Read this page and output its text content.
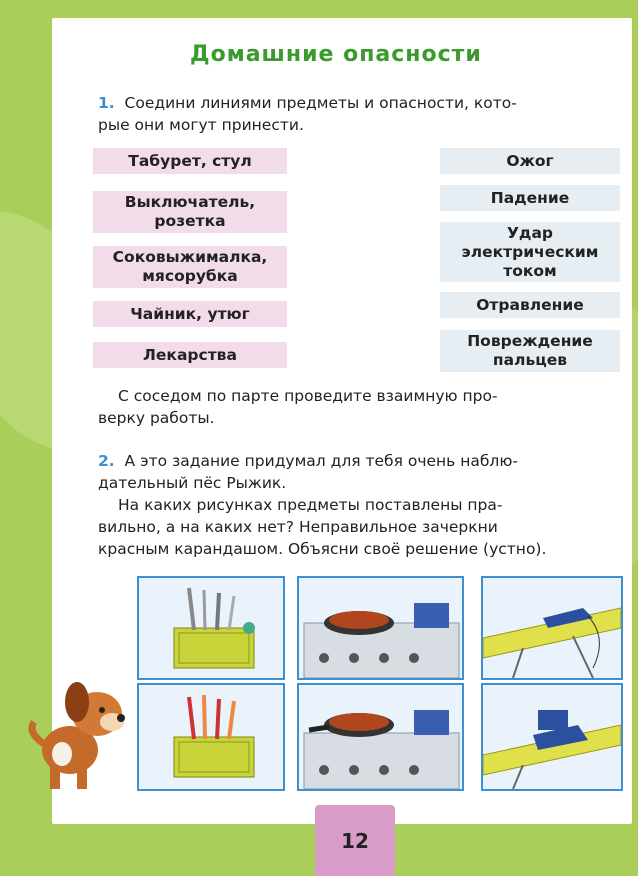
Домашние опасности
1. Соедини линиями предметы и опасности, кото-
рые они могут принести.
Табурет, стул
Выключатель,
розетка
Соковыжималка,
мясорубка
Чайник, утюг
Лекарства
Ожог
Падение
Удар
электрическим
током
Отравление
Повреждение
пальцев
С соседом по парте проведите взаимную про-
верку работы.
2. А это задание придумал для тебя очень наблю-
дательный пёс Рыжик.
На каких рисунках предметы поставлены пра-
вильно, а на каких нет? Неправильное зачеркни
красным карандашом. Объясни своё решение (устно).
12
